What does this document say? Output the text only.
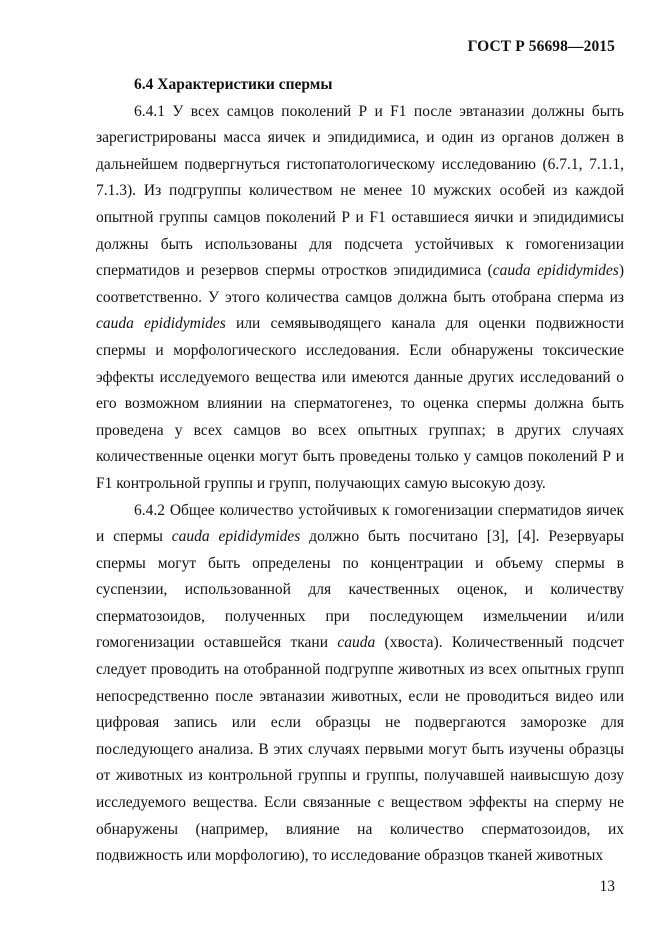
ГОСТ Р 56698—2015

6.4 Характеристики спермы

6.4.1 У всех самцов поколений Р и F1 после эвтаназии должны быть зарегистрированы масса яичек и эпидидимиса, и один из органов должен в дальнейшем подвергнуться гистопатологическому исследованию (6.7.1, 7.1.1, 7.1.3). Из подгруппы количеством не менее 10 мужских особей из каждой опытной группы самцов поколений Р и F1 оставшиеся яички и эпидидимисы должны быть использованы для подсчета устойчивых к гомогенизации сперматидов и резервов спермы отростков эпидидимиса (cauda epididymides) соответственно. У этого количества самцов должна быть отобрана сперма из cauda epididymides или семявыводящего канала для оценки подвижности спермы и морфологического исследования. Если обнаружены токсические эффекты исследуемого вещества или имеются данные других исследований о его возможном влиянии на сперматогенез, то оценка спермы должна быть проведена у всех самцов во всех опытных группах; в других случаях количественные оценки могут быть проведены только у самцов поколений Р и F1 контрольной группы и групп, получающих самую высокую дозу.

6.4.2 Общее количество устойчивых к гомогенизации сперматидов яичек и спермы cauda epididymides должно быть посчитано [3], [4]. Резервуары спермы могут быть определены по концентрации и объему спермы в суспензии, использованной для качественных оценок, и количеству сперматозоидов, полученных при последующем измельчении и/или гомогенизации оставшейся ткани cauda (хвоста). Количественный подсчет следует проводить на отобранной подгруппе животных из всех опытных групп непосредственно после эвтаназии животных, если не проводиться видео или цифровая запись или если образцы не подвергаются заморозке для последующего анализа. В этих случаях первыми могут быть изучены образцы от животных из контрольной группы и группы, получавшей наивысшую дозу исследуемого вещества. Если связанные с веществом эффекты на сперму не обнаружены (например, влияние на количество сперматозоидов, их подвижность или морфологию), то исследование образцов тканей животных

13
